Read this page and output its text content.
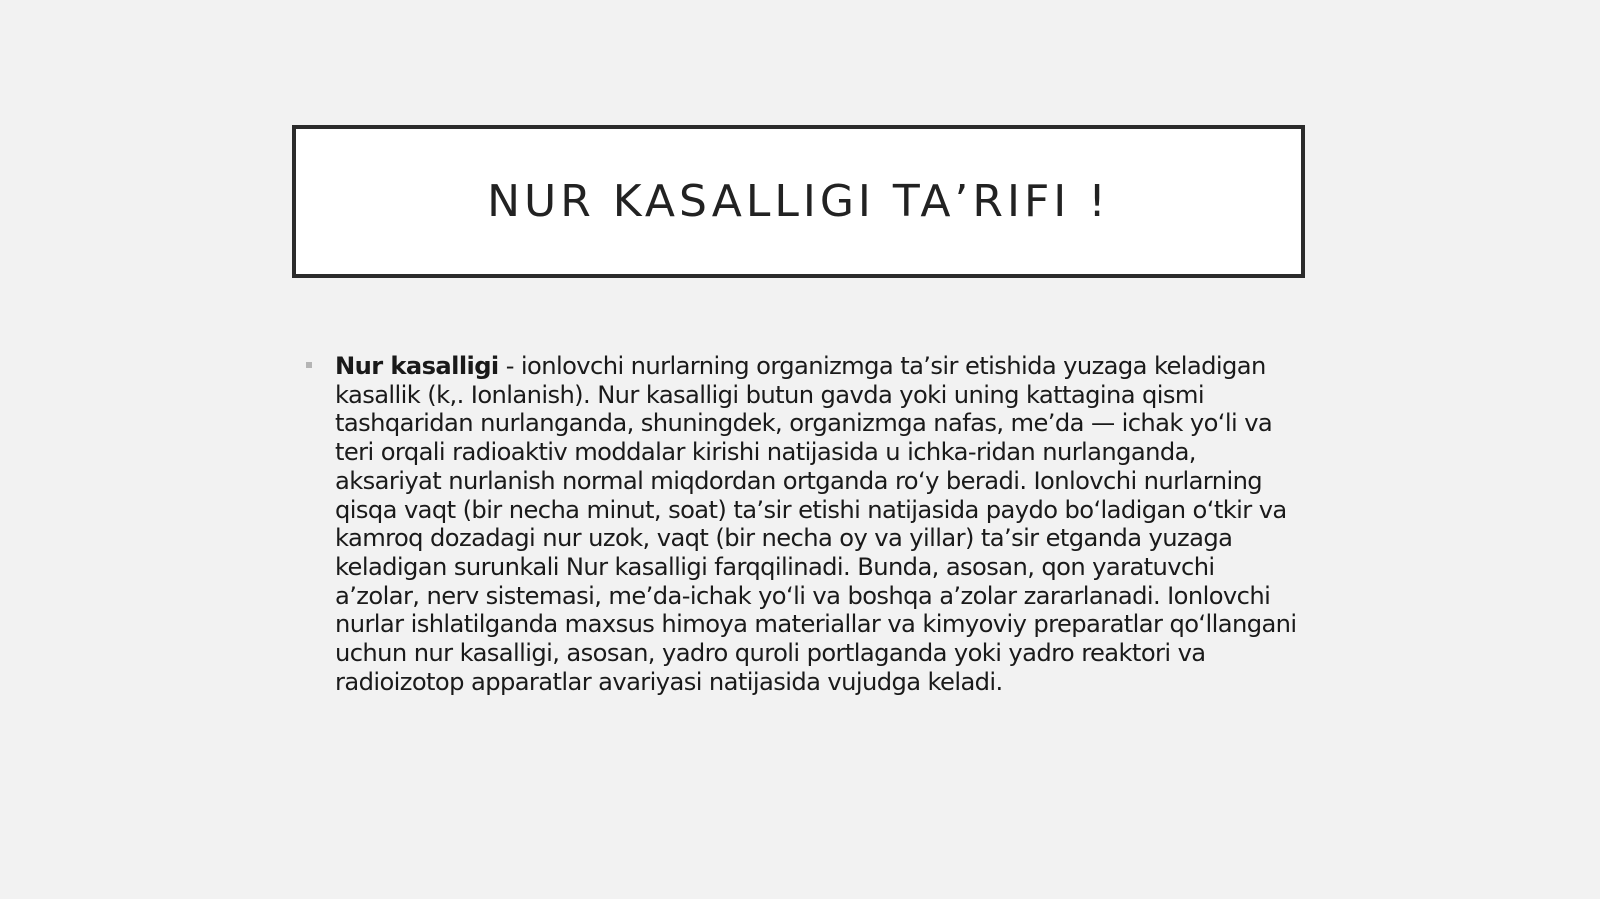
NUR KASALLIGI TA’RIFI !

Nur kasalligi - ionlovchi nurlarning organizmga ta’sir etishida yuzaga keladigan kasallik (k,. Ionlanish). Nur kasalligi butun gavda yoki uning kattagina qismi tashqaridan nurlanganda, shuningdek, organizmga nafas, me’da — ichak yo‘li va teri orqali radioaktiv moddalar kirishi natijasida u ichka-ridan nurlanganda, aksariyat nurlanish normal miqdordan ortganda ro‘y beradi. Ionlovchi nurlarning qisqa vaqt (bir necha minut, soat) ta’sir etishi natijasida paydo bo‘ladigan o‘tkir va kamroq dozadagi nur uzok, vaqt (bir necha oy va yillar) ta’sir etganda yuzaga keladigan surunkali Nur kasalligi farqqilinadi. Bunda, asosan, qon yaratuvchi a’zolar, nerv sistemasi, me’da-ichak yo‘li va boshqa a’zolar zararlanadi. Ionlovchi nurlar ishlatilganda maxsus himoya materiallar va kimyoviy preparatlar qo‘llangani uchun nur kasalligi, asosan, yadro quroli portlaganda yoki yadro reaktori va radioizotop apparatlar avariyasi natijasida vujudga keladi.
